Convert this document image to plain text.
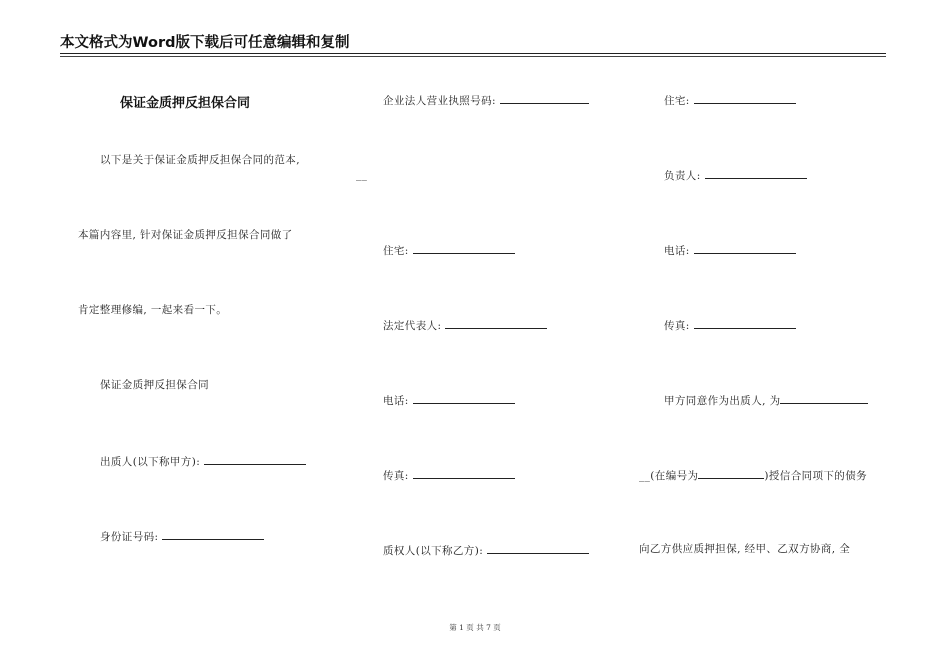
本文格式为Word版下载后可任意编辑和复制
保证金质押反担保合同
以下是关于保证金质押反担保合同的范本,
本篇内容里, 针对保证金质押反担保合同做了
肯定整理修编, 一起来看一下。
保证金质押反担保合同
出质人(以下称甲方):
身份证号码:
企业法人营业执照号码:
__
住宅:
法定代表人:
电话:
传真:
质权人(以下称乙方):
住宅:
负责人:
电话:
传真:
甲方同意作为出质人, 为
__(在编号为	)授信合同项下的债务
向乙方供应质押担保, 经甲、乙双方协商, 全
第 1 页 共 7 页
